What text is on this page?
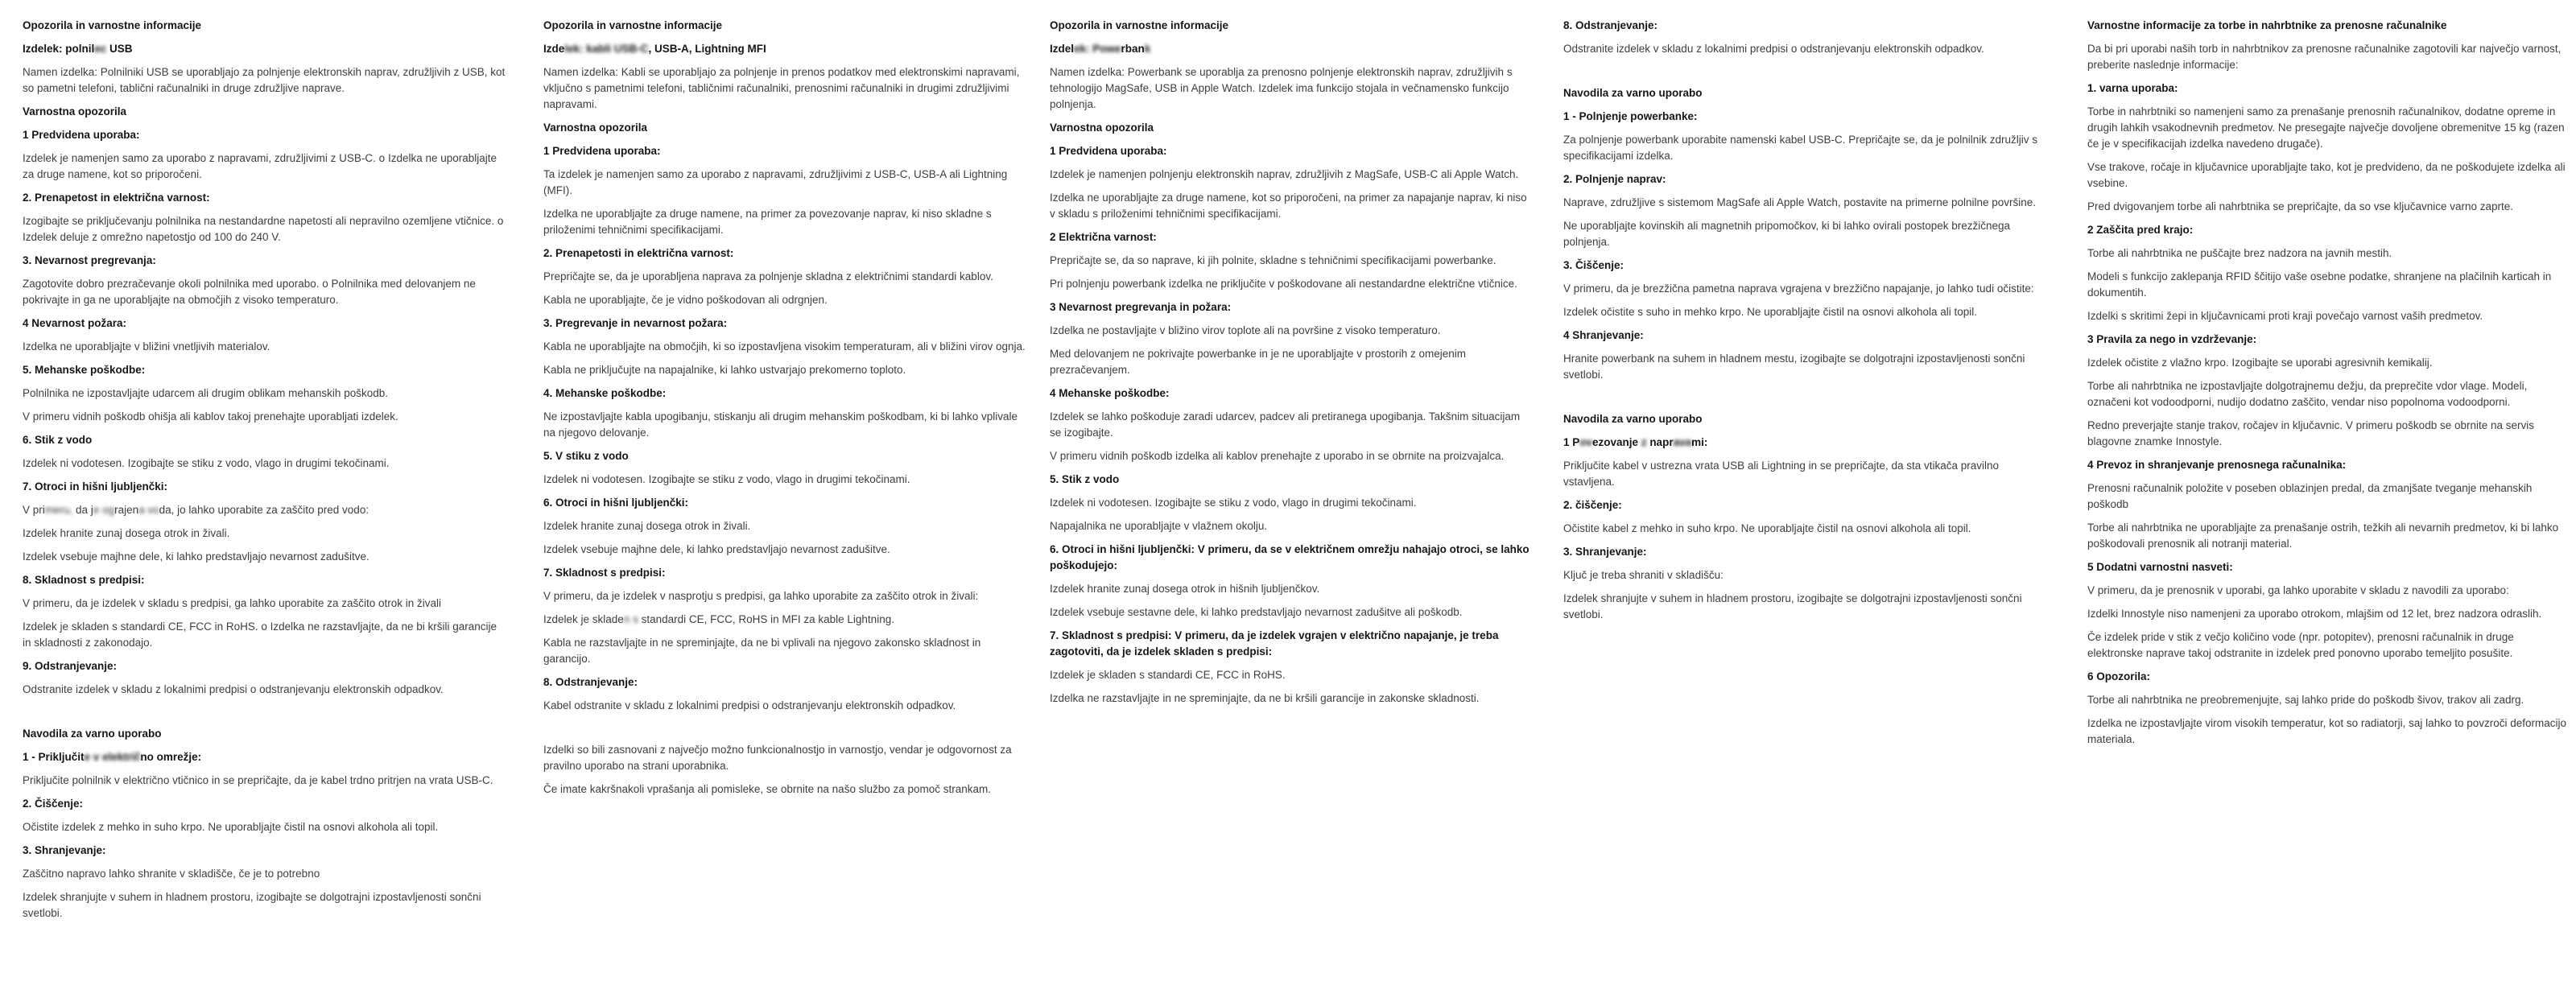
Opozorila in varnostne informacije
Izdelek: polnilec USB

Namen izdelka: Polnilniki USB se uporabljajo za polnjenje elektronskih naprav, združljivih z USB, kot so pametni telefoni, tablični računalniki in druge združljive naprave.

Varnostna opozorila
1 Predvidena uporaba:

Izdelek je namenjen samo za uporabo z napravami, združljivimi z USB-C. o Izdelka ne uporabljajte za druge namene, kot so priporočeni.

2. Prenapetost in električna varnost:

Izogibajte se priključevanju polnilnika na nestandardne napetosti ali nepravilno ozemljene vtičnice. o Izdelek deluje z omrežno napetostjo od 100 do 240 V.

3. Nevarnost pregrevanja:

Zagotovite dobro prezračevanje okoli polnilnika med uporabo. o Polnilnika med delovanjem ne pokrivajte in ga ne uporabljajte na območjih z visoko temperaturo.

4 Nevarnost požara:

Izdelka ne uporabljajte v bližini vnetljivih materialov.

5. Mehanske poškodbe:

Polnilnika ne izpostavljajte udarcem ali drugim oblikam mehanskih poškodb.

V primeru vidnih poškodb ohišja ali kablov takoj prenehajte uporabljati izdelek.

6. Stik z vodo

Izdelek ni vodotesen. Izogibajte se stiku z vodo, vlago in drugimi tekočinami.

7. Otroci in hišni ljubljenčki:

V primeru, da je ograjena voda, jo lahko uporabite za zaščito pred vodo:

Izdelek hranite zunaj dosega otrok in živali.

Izdelek vsebuje majhne dele, ki lahko predstavljajo nevarnost zadušitve.

8. Skladnost s predpisi:

V primeru, da je izdelek v skladu s predpisi, ga lahko uporabite za zaščito otrok in živali

Izdelek je skladen s standardi CE, FCC in RoHS. o Izdelka ne razstavljajte, da ne bi kršili garancije in skladnosti z zakonodajo.

9. Odstranjevanje:

Odstranite izdelek v skladu z lokalnimi predpisi o odstranjevanju elektronskih odpadkov.

Navodila za varno uporabo
1 - Priključite v električno omrežje:

Priključite polnilnik v električno vtičnico in se prepričajte, da je kabel trdno pritrjen na vrata USB-C.

2. Čiščenje:

Očistite izdelek z mehko in suho krpo. Ne uporabljajte čistil na osnovi alkohola ali topil.

3. Shranjevanje:

Zaščitno napravo lahko shranite v skladišče, če je to potrebno

Izdelek shranjujte v suhem in hladnem prostoru, izogibajte se dolgotrajni izpostavljenosti sončni svetlobi.

Opozorila in varnostne informacije
Izdelek: kabli USB-C, USB-A, Lightning MFI

Namen izdelka: Kabli se uporabljajo za polnjenje in prenos podatkov med elektronskimi napravami, vključno s pametnimi telefoni, tabličnimi računalniki, prenosnimi računalniki in drugimi združljivimi napravami.

Varnostna opozorila
1 Predvidena uporaba:

Ta izdelek je namenjen samo za uporabo z napravami, združljivimi z USB-C, USB-A ali Lightning (MFI).

Izdelka ne uporabljajte za druge namene, na primer za povezovanje naprav, ki niso skladne s priloženimi tehničnimi specifikacijami.

2. Prenapetosti in električna varnost:

Prepričajte se, da je uporabljena naprava za polnjenje skladna z električnimi standardi kablov.

Kabla ne uporabljajte, če je vidno poškodovan ali odrgnjen.

3. Pregrevanje in nevarnost požara:

Kabla ne uporabljajte na območjih, ki so izpostavljena visokim temperaturam, ali v bližini virov ognja.

Kabla ne priključujte na napajalnike, ki lahko ustvarjajo prekomerno toploto.

4. Mehanske poškodbe:

Ne izpostavljajte kabla upogibanju, stiskanju ali drugim mehanskim poškodbam, ki bi lahko vplivale na njegovo delovanje.

5. V stiku z vodo

Izdelek ni vodotesen. Izogibajte se stiku z vodo, vlago in drugimi tekočinami.

6. Otroci in hišni ljubljenčki:

Izdelek hranite zunaj dosega otrok in živali.

Izdelek vsebuje majhne dele, ki lahko predstavljajo nevarnost zadušitve.

7. Skladnost s predpisi:

V primeru, da je izdelek v nasprotju s predpisi, ga lahko uporabite za zaščito otrok in živali:

Izdelek je skladen s standardi CE, FCC, RoHS in MFI za kable Lightning.

Kabla ne razstavljajte in ne spreminjajte, da ne bi vplivali na njegovo zakonsko skladnost in garancijo.

8. Odstranjevanje:

Kabel odstranite v skladu z lokalnimi predpisi o odstranjevanju elektronskih odpadkov.

Izdelki so bili zasnovani z največjo možno funkcionalnostjo in varnostjo, vendar je odgovornost za pravilno uporabo na strani uporabnika.

Če imate kakršnakoli vprašanja ali pomisleke, se obrnite na našo službo za pomoč strankam.

Opozorila in varnostne informacije
Izdelek: Powerbank

Namen izdelka: Powerbank se uporablja za prenosno polnjenje elektronskih naprav, združljivih s tehnologijo MagSafe, USB in Apple Watch. Izdelek ima funkcijo stojala in večnamensko funkcijo polnjenja.

Varnostna opozorila
1 Predvidena uporaba:

Izdelek je namenjen polnjenju elektronskih naprav, združljivih z MagSafe, USB-C ali Apple Watch.

Izdelka ne uporabljajte za druge namene, kot so priporočeni, na primer za napajanje naprav, ki niso v skladu s priloženimi tehničnimi specifikacijami.

2 Električna varnost:

Prepričajte se, da so naprave, ki jih polnite, skladne s tehničnimi specifikacijami powerbanke.

Pri polnjenju powerbank izdelka ne priključite v poškodovane ali nestandardne električne vtičnice.

3 Nevarnost pregrevanja in požara:

Izdelka ne postavljajte v bližino virov toplote ali na površine z visoko temperaturo.

Med delovanjem ne pokrivajte powerbanke in je ne uporabljajte v prostorih z omejenim prezračevanjem.

4 Mehanske poškodbe:

Izdelek se lahko poškoduje zaradi udarcev, padcev ali pretiranega upogibanja. Takšnim situacijam se izogibajte.

V primeru vidnih poškodb izdelka ali kablov prenehajte z uporabo in se obrnite na proizvajalca.

5. Stik z vodo

Izdelek ni vodotesen. Izogibajte se stiku z vodo, vlago in drugimi tekočinami.

Napajalnika ne uporabljajte v vlažnem okolju.

6. Otroci in hišni ljubljenčki: V primeru, da se v električnem omrežju nahajajo otroci, se lahko poškodujejo:

Izdelek hranite zunaj dosega otrok in hišnih ljubljenčkov.

Izdelek vsebuje sestavne dele, ki lahko predstavljajo nevarnost zadušitve ali poškodb.

7. Skladnost s predpisi: V primeru, da je izdelek vgrajen v električno napajanje, je treba zagotoviti, da je izdelek skladen s predpisi:

Izdelek je skladen s standardi CE, FCC in RoHS.

Izdelka ne razstavljajte in ne spreminjajte, da ne bi kršili garancije in zakonske skladnosti.

8. Odstranjevanje:

Odstranite izdelek v skladu z lokalnimi predpisi o odstranjevanju elektronskih odpadkov.

Navodila za varno uporabo
1 - Polnjenje powerbanke:

Za polnjenje powerbank uporabite namenski kabel USB-C. Prepričajte se, da je polnilnik združljiv s specifikacijami izdelka.

2. Polnjenje naprav:

Naprave, združljive s sistemom MagSafe ali Apple Watch, postavite na primerne polnilne površine.

Ne uporabljajte kovinskih ali magnetnih pripomočkov, ki bi lahko ovirali postopek brezžičnega polnjenja.

3. Čiščenje:

V primeru, da je brezžična pametna naprava vgrajena v brezžično napajanje, jo lahko tudi očistite:

Izdelek očistite s suho in mehko krpo. Ne uporabljajte čistil na osnovi alkohola ali topil.

4 Shranjevanje:

Hranite powerbank na suhem in hladnem mestu, izogibajte se dolgotrajni izpostavljenosti sončni svetlobi.

Navodila za varno uporabo
1 Povezovanje z napravami:

Priključite kabel v ustrezna vrata USB ali Lightning in se prepričajte, da sta vtikača pravilno vstavljena.

2. čiščenje:

Očistite kabel z mehko in suho krpo. Ne uporabljajte čistil na osnovi alkohola ali topil.

3. Shranjevanje:

Ključ je treba shraniti v skladišču:

Izdelek shranjujte v suhem in hladnem prostoru, izogibajte se dolgotrajni izpostavljenosti sončni svetlobi.

Varnostne informacije za torbe in nahrbtnike za prenosne računalnike

Da bi pri uporabi naših torb in nahrbtnikov za prenosne računalnike zagotovili kar največjo varnost, preberite naslednje informacije:

1. varna uporaba:

Torbe in nahrbtniki so namenjeni samo za prenašanje prenosnih računalnikov, dodatne opreme in drugih lahkih vsakodnevnih predmetov. Ne presegajte največje dovoljene obremenitve 15 kg (razen če je v specifikacijah izdelka navedeno drugače).

Vse trakove, ročaje in ključavnice uporabljajte tako, kot je predvideno, da ne poškodujete izdelka ali vsebine.

Pred dvigovanjem torbe ali nahrbtnika se prepričajte, da so vse ključavnice varno zaprte.

2 Zaščita pred krajo:

Torbe ali nahrbtnika ne puščajte brez nadzora na javnih mestih.

Modeli s funkcijo zaklepanja RFID ščitijo vaše osebne podatke, shranjene na plačilnih karticah in dokumentih.

Izdelki s skritimi žepi in ključavnicami proti kraji povečajo varnost vaših predmetov.

3 Pravila za nego in vzdrževanje:

Izdelek očistite z vlažno krpo. Izogibajte se uporabi agresivnih kemikalij.

Torbe ali nahrbtnika ne izpostavljajte dolgotrajnemu dežju, da preprečite vdor vlage. Modeli, označeni kot vodoodporni, nudijo dodatno zaščito, vendar niso popolnoma vodoodporni.

Redno preverjajte stanje trakov, ročajev in ključavnic. V primeru poškodb se obrnite na servis blagovne znamke Innostyle.

4 Prevoz in shranjevanje prenosnega računalnika:

Prenosni računalnik položite v poseben oblazinjen predal, da zmanjšate tveganje mehanskih poškodb

Torbe ali nahrbtnika ne uporabljajte za prenašanje ostrih, težkih ali nevarnih predmetov, ki bi lahko poškodovali prenosnik ali notranji material.

5 Dodatni varnostni nasveti:

V primeru, da je prenosnik v uporabi, ga lahko uporabite v skladu z navodili za uporabo:

Izdelki Innostyle niso namenjeni za uporabo otrokom, mlajšim od 12 let, brez nadzora odraslih.

Če izdelek pride v stik z večjo količino vode (npr. potopitev), prenosni računalnik in druge elektronske naprave takoj odstranite in izdelek pred ponovno uporabo temeljito posušite.

6 Opozorila:

Torbe ali nahrbtnika ne preobremenjujte, saj lahko pride do poškodb šivov, trakov ali zadrg.

Izdelka ne izpostavljajte virom visokih temperatur, kot so radiatorji, saj lahko to povzroči deformacijo materiala.
